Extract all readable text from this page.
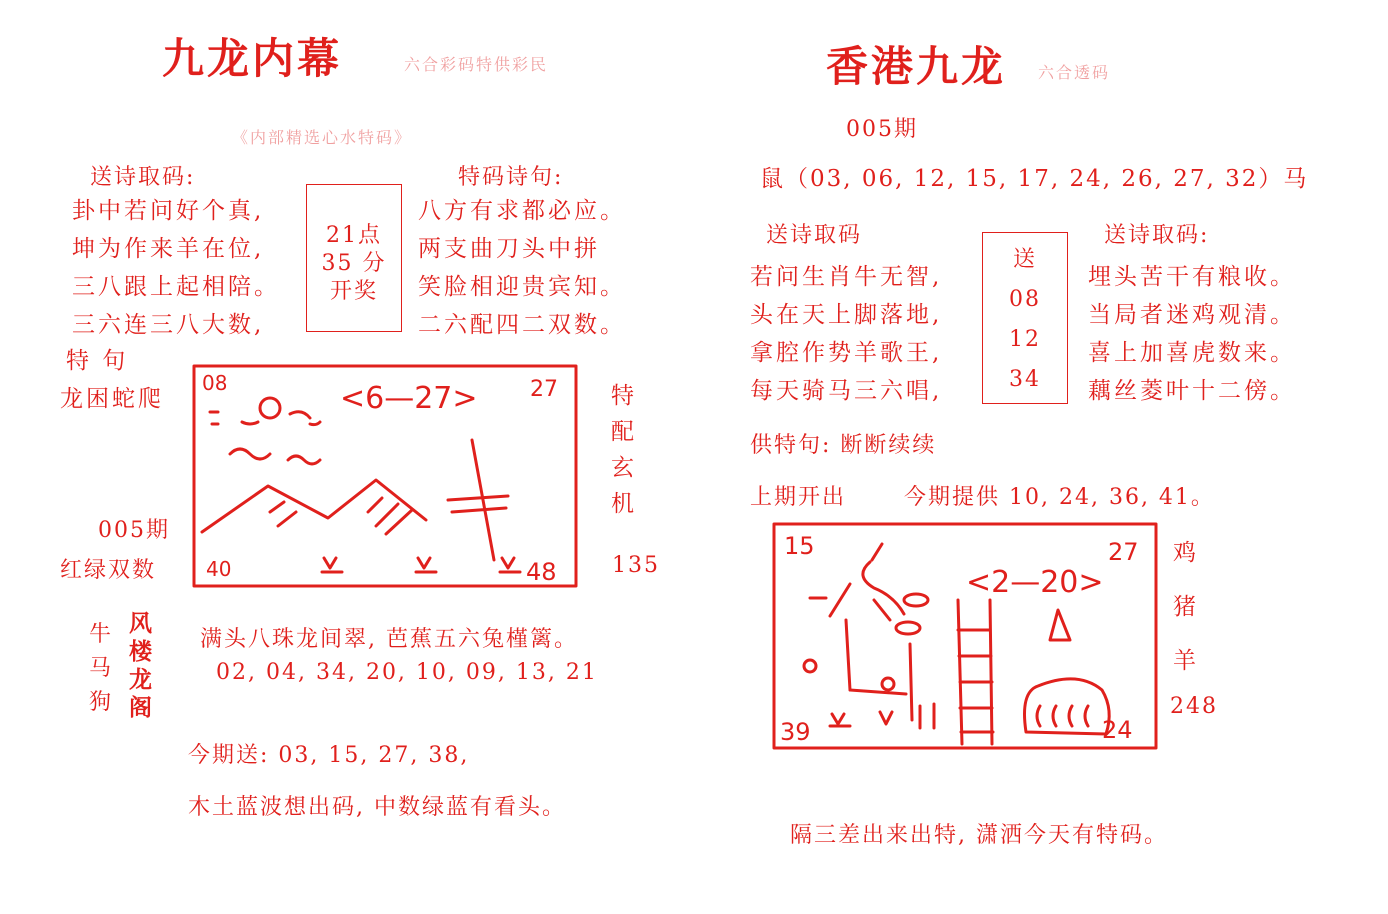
九龙内幕	六合彩码特供彩民
《内部精选心水特码》
送诗取码:	特码诗句:
卦中若问好个真,
坤为作来羊在位,
三八跟上起相陪。
三六连三八大数,
21点
35 分
开奖
八方有求都必应。
两支曲刀头中拼
笑脸相迎贵宾知。
二六配四二双数。
特 句
龙困蛇爬
005期
红绿双数
08	27
40	48
<6—27>	特
配
玄
机
135
牛
马
狗
风
楼
龙
阁
满头八珠龙间翠, 芭蕉五六兔槿篱。
02, 04, 34, 20, 10, 09, 13, 21
今期送: 03, 15, 27, 38,
木土蓝波想出码, 中数绿蓝有看头。
香港九龙 六合透码
005期
鼠（03, 06, 12, 15, 17, 24, 26, 27, 32）马
送诗取码	送诗取码:
若问生肖牛无智,
头在天上脚落地,
拿腔作势羊歌王,
每天骑马三六唱,
送
08
12
34
埋头苦干有粮收。
当局者迷鸡观清。
喜上加喜虎数来。
藕丝菱叶十二傍。
供特句: 断断续续
上期开出	今期提供 10, 24, 36, 41。
15	27
39	24
<2—20>
鸡
猪
羊
248
隔三差出来出特, 潇洒今天有特码。
